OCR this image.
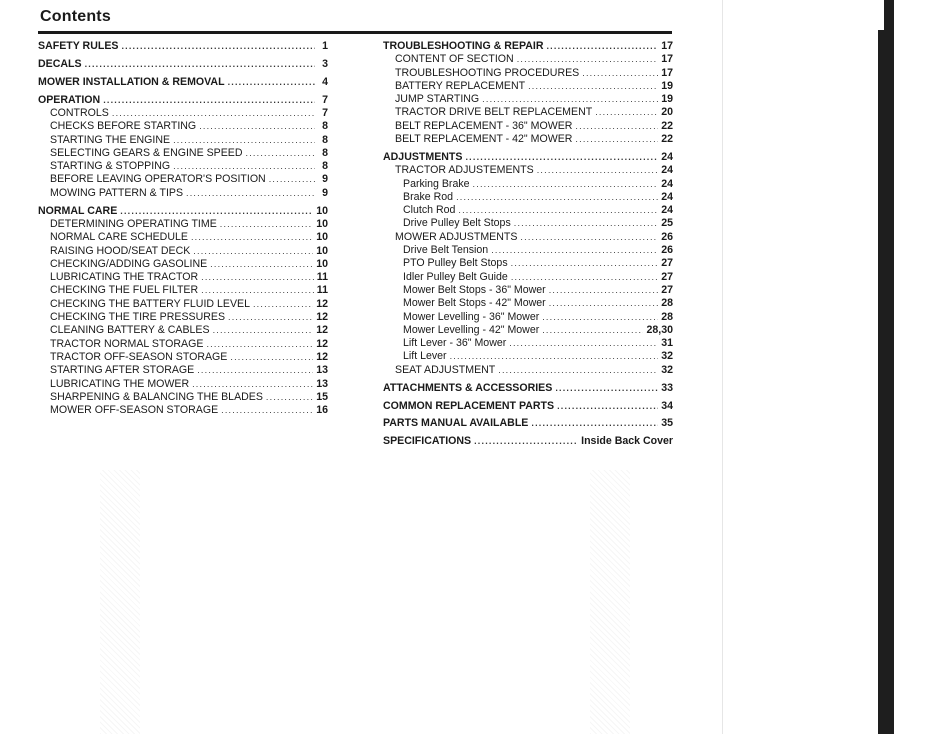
Contents
SAFETY RULES .....	1
DECALS .....	3
MOWER INSTALLATION & REMOVAL .....	4
OPERATION .....	7
CONTROLS .....	7
CHECKS BEFORE STARTING .....	8
STARTING THE ENGINE .....	8
SELECTING GEARS & ENGINE SPEED .....	8
STARTING & STOPPING .....	8
BEFORE LEAVING OPERATOR'S POSITION .....	9
MOWING PATTERN & TIPS .....	9
NORMAL CARE .....	10
DETERMINING OPERATING TIME .....	10
NORMAL CARE SCHEDULE .....	10
RAISING HOOD/SEAT DECK .....	10
CHECKING/ADDING GASOLINE .....	10
LUBRICATING THE TRACTOR .....	11
CHECKING THE FUEL FILTER .....	11
CHECKING THE BATTERY FLUID LEVEL .....	12
CHECKING THE TIRE PRESSURES .....	12
CLEANING BATTERY & CABLES .....	12
TRACTOR NORMAL STORAGE .....	12
TRACTOR OFF-SEASON STORAGE .....	12
STARTING AFTER STORAGE .....	13
LUBRICATING THE MOWER .....	13
SHARPENING & BALANCING THE BLADES .....	15
MOWER OFF-SEASON STORAGE .....	16
TROUBLESHOOTING & REPAIR .....	17
CONTENT OF SECTION .....	17
TROUBLESHOOTING PROCEDURES .....	17
BATTERY REPLACEMENT .....	19
JUMP STARTING .....	19
TRACTOR DRIVE BELT REPLACEMENT .....	20
BELT REPLACEMENT - 36" MOWER .....	22
BELT REPLACEMENT - 42" MOWER .....	22
ADJUSTMENTS .....	24
TRACTOR ADJUSTEMENTS .....	24
Parking Brake .....	24
Brake Rod .....	24
Clutch Rod .....	24
Drive Pulley Belt Stops .....	25
MOWER ADJUSTMENTS .....	26
Drive Belt Tension .....	26
PTO Pulley Belt Stops .....	27
Idler Pulley Belt Guide .....	27
Mower Belt Stops - 36" Mower .....	27
Mower Belt Stops - 42" Mower .....	28
Mower Levelling - 36" Mower .....	28
Mower Levelling - 42" Mower .....	28,30
Lift Lever - 36" Mower .....	31
Lift Lever .....	32
SEAT ADJUSTMENT .....	32
ATTACHMENTS & ACCESSORIES .....	33
COMMON REPLACEMENT PARTS .....	34
PARTS MANUAL AVAILABLE .....	35
SPECIFICATIONS .....	Inside Back Cover
